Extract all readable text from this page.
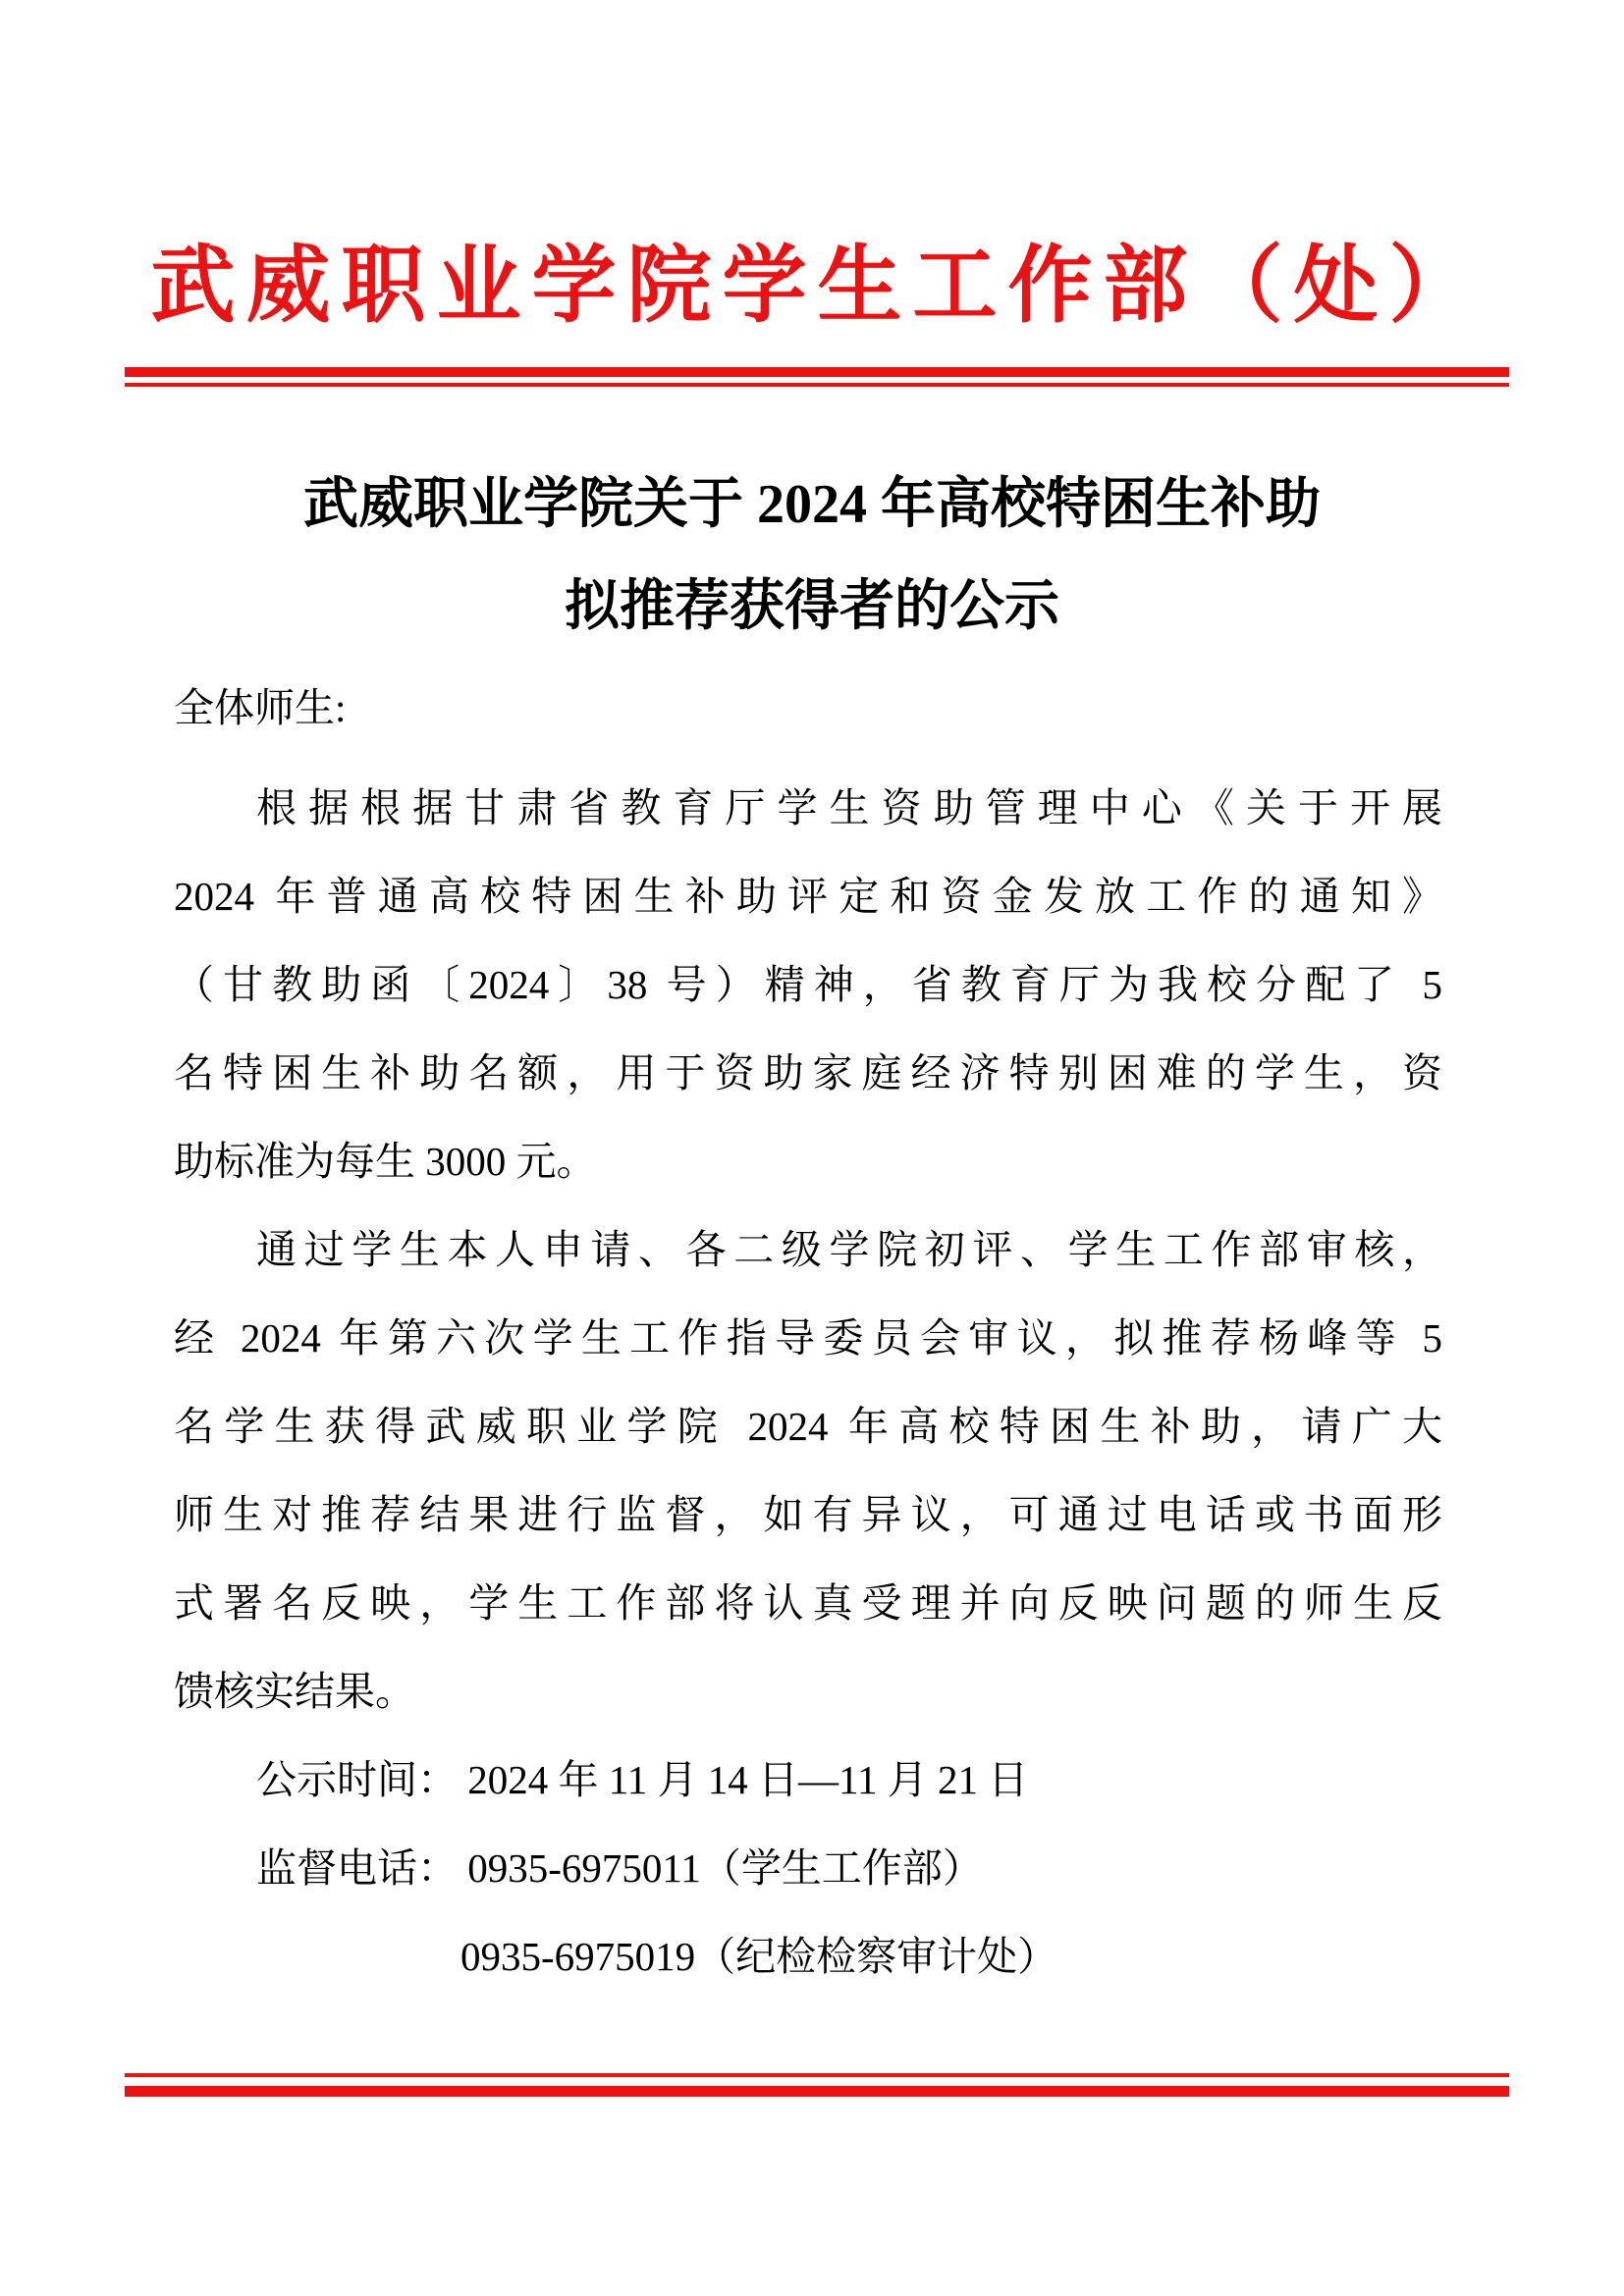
武威职业学院学生工作部（处）
武威职业学院关于 2024 年高校特困生补助
拟推荐获得者的公示
全体师生:
根据根据甘肃省教育厅学生资助管理中心《关于开展
2024 年普通高校特困生补助评定和资金发放工作的通知》
（甘教助函〔2024〕38 号）精神，省教育厅为我校分配了 5
名特困生补助名额，用于资助家庭经济特别困难的学生，资
助标准为每生 3000 元。
通过学生本人申请、各二级学院初评、学生工作部审核，
经 2024 年第六次学生工作指导委员会审议，拟推荐杨峰等 5
名学生获得武威职业学院 2024 年高校特困生补助，请广大
师生对推荐结果进行监督，如有异议，可通过电话或书面形
式署名反映，学生工作部将认真受理并向反映问题的师生反
馈核实结果。
公示时间： 2024 年 11 月 14 日—11 月 21 日
监督电话： 0935-6975011（学生工作部）
0935-6975019（纪检检察审计处）
